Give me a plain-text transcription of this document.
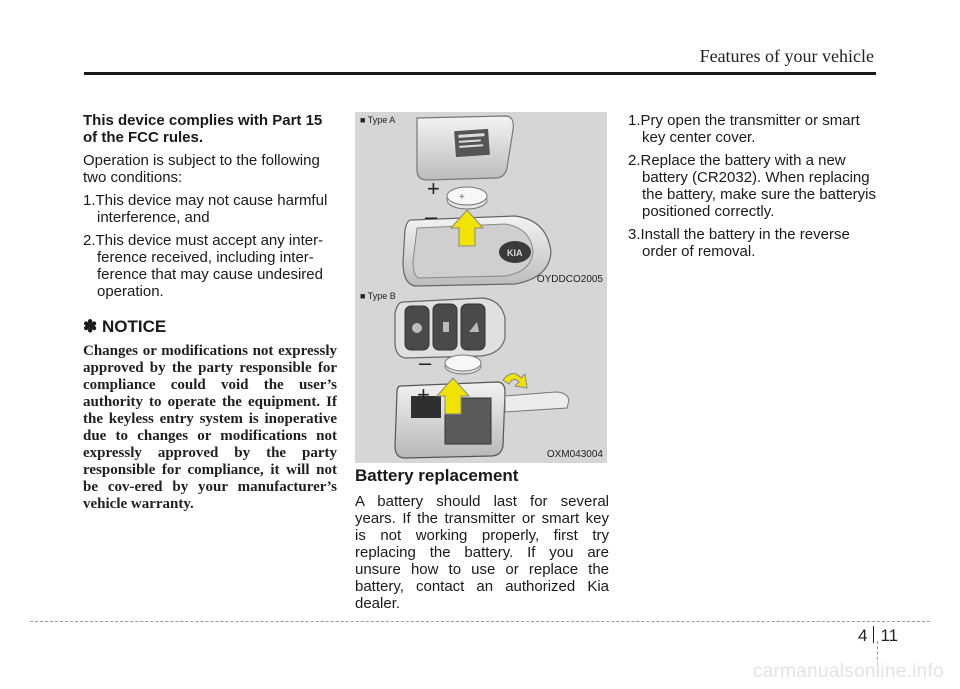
Features of your vehicle

This device complies with Part 15 of the FCC rules.

Operation is subject to the following two conditions:

1.This device may not cause harmful interference, and
2.This device must accept any inter-ference received, including inter-ference that may cause undesired operation.
✽ NOTICE
Changes or modifications not expressly approved by the party responsible for compliance could void the user’s authority to operate the equipment. If the keyless entry system is inoperative due to changes or modifications not expressly approved by the party responsible for compliance, it will not be cov-ered by your manufacturer’s vehicle warranty.
KIA
+
■ Type A
+
–
OYDDCO2005
■ Type B
+
–
OXM043004
Battery replacement
A battery should last for several years. If the transmitter or smart key is not working properly, first try replacing the battery. If you are unsure how to use or replace the battery, contact an authorized Kia dealer.
1.Pry open the transmitter or smart key center cover.
2.Replace the battery with a new battery (CR2032). When replacing the battery, make sure the batteryis positioned correctly.
3.Install the battery in the reverse order of removal.
4 11
carmanualsonline.info
